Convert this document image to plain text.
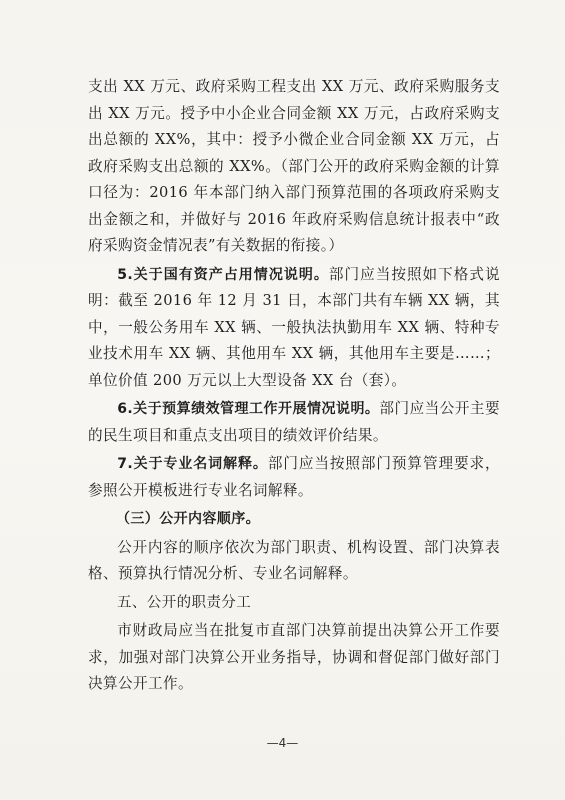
支出 XX 万元、政府采购工程支出 XX 万元、政府采购服务支出 XX 万元。授予中小企业合同金额 XX 万元，占政府采购支出总额的 XX%，其中：授予小微企业合同金额 XX 万元，占政府采购支出总额的 XX%。（部门公开的政府采购金额的计算口径为：2016 年本部门纳入部门预算范围的各项政府采购支出金额之和，并做好与 2016 年政府采购信息统计报表中“政府采购资金情况表”有关数据的衔接。）

5.关于国有资产占用情况说明。部门应当按照如下格式说明：截至 2016 年 12 月 31 日，本部门共有车辆 XX 辆，其中，一般公务用车 XX 辆、一般执法执勤用车 XX 辆、特种专业技术用车 XX 辆、其他用车 XX 辆，其他用车主要是……；单位价值 200 万元以上大型设备 XX 台（套）。

6.关于预算绩效管理工作开展情况说明。部门应当公开主要的民生项目和重点支出项目的绩效评价结果。

7.关于专业名词解释。部门应当按照部门预算管理要求，参照公开模板进行专业名词解释。

（三）公开内容顺序。

公开内容的顺序依次为部门职责、机构设置、部门决算表格、预算执行情况分析、专业名词解释。

五、公开的职责分工

市财政局应当在批复市直部门决算前提出决算公开工作要求，加强对部门决算公开业务指导，协调和督促部门做好部门决算公开工作。

—4—
